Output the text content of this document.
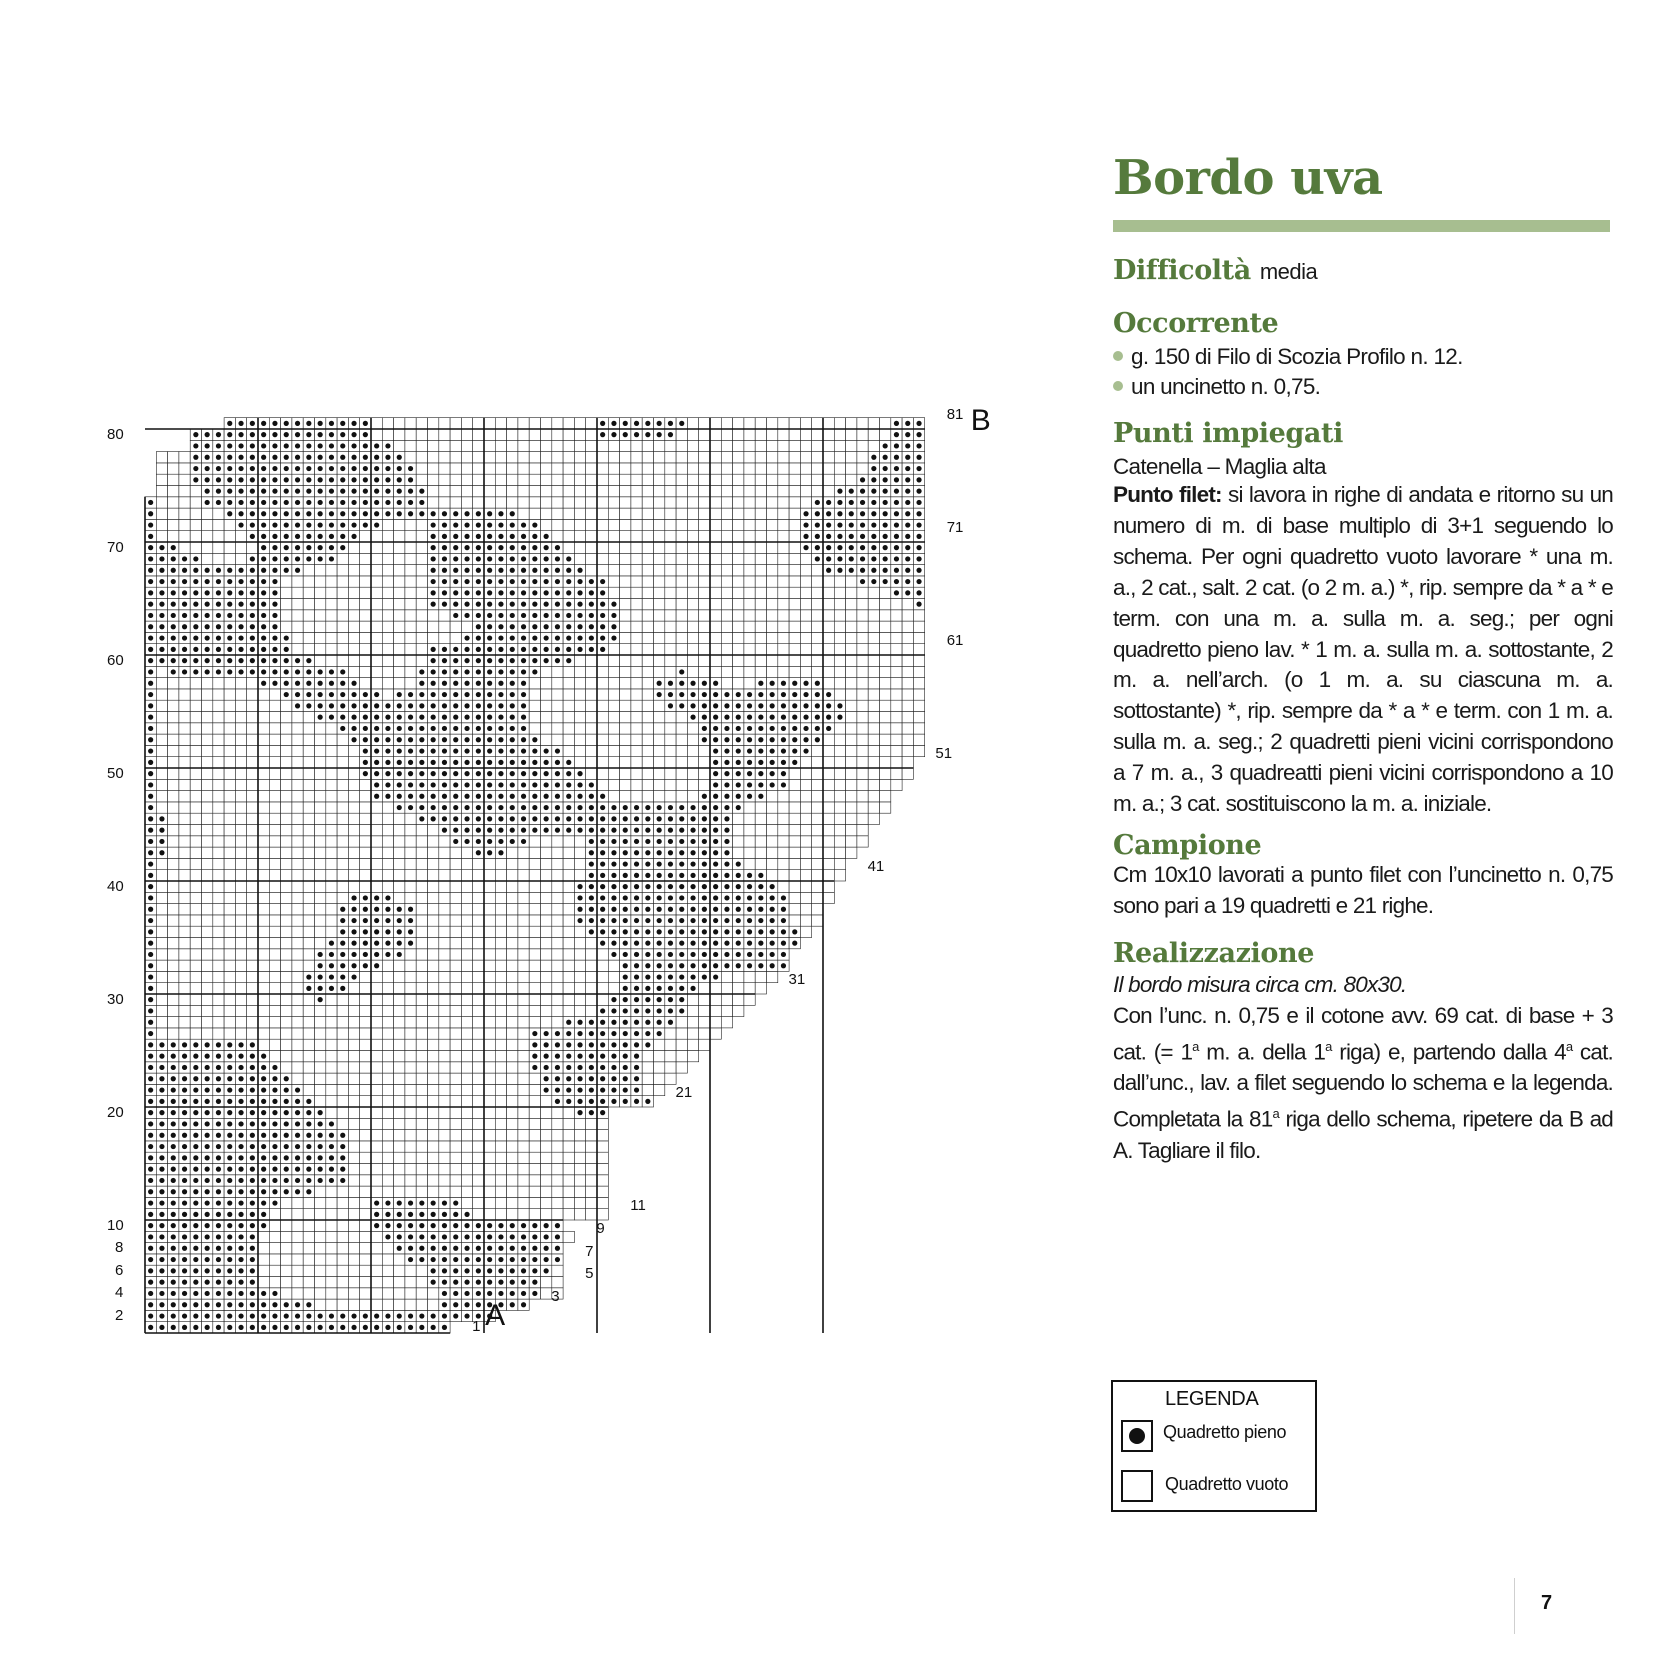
2
4
6
8
10
20
30
40
50
60
70
80
1
3
5
7
9
11
21
31
41
51
61
71
81
A
B
Bordo uva
Difficoltà media
Occorrente
g. 150 di Filo di Scozia Profilo n. 12.
un uncinetto n. 0,75.
Punti impiegati
Catenella – Maglia alta

Punto filet: si lavora in righe di andata e ritorno su un numero di m. di base multiplo di 3+1 seguendo lo schema. Per ogni quadretto vuoto lavorare * una m. a., 2 cat., salt. 2 cat. (o 2 m. a.) *, rip. sempre da * a * e term. con una m. a. sulla m. a. seg.; per ogni quadretto pieno lav. * 1 m. a. sulla m. a. sottostante, 2 m. a. nell’arch. (o 1 m. a. su ciascuna m. a. sottostante) *, rip. sempre da * a * e term. con 1 m. a. sulla m. a. seg.; 2 quadretti pieni vicini corrispondono a 7 m. a., 3 quadreatti pieni vicini corrispondono a 10 m. a.; 3 cat. sostituiscono la m. a. iniziale.

Campione

Cm 10x10 lavorati a punto filet con l’uncinetto n. 0,75 sono pari a 19 quadretti e 21 righe.

Realizzazione

Il bordo misura circa cm. 80x30.

Con l’unc. n. 0,75 e il cotone avv. 69 cat. di base + 3 cat. (= $1^a$ m. a. della 1$^a$ riga) e, partendo dalla 4$^a$ cat. dall’unc., lav. a filet seguendo lo schema e la legenda. Completata la 81$^a$ riga dello schema, ripetere da B ad A. Tagliare il filo.

LEGENDA
Quadretto pieno
Quadretto vuoto
7
